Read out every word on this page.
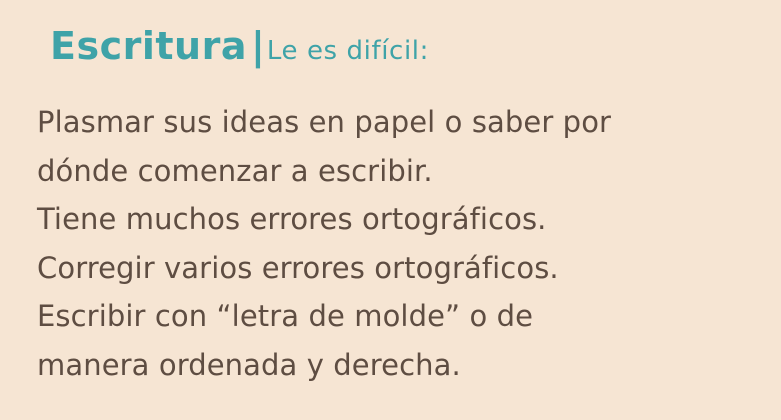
Escritura | Le es difícil:
Plasmar sus ideas en papel o saber por
dónde comenzar a escribir.
Tiene muchos errores ortográficos.
Corregir varios errores ortográficos.
Escribir con “letra de molde” o de
manera ordenada y derecha.
